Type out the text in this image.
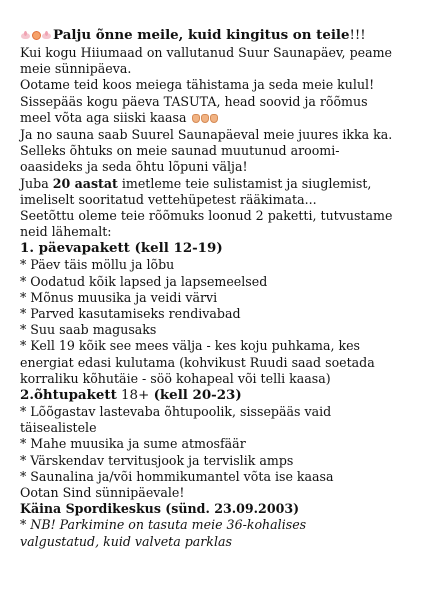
Palju õnne meile, kuid kingitus on teile!!!
Kui kogu Hiiumaad on vallutanud Suur Saunapäev, peame
meie sünnipäeva.
Ootame teid koos meiega tähistama ja seda meie kulul!
Sissepääs kogu päeva TASUTA, head soovid ja rõõmus
meel võta aga siiski kaasa
Ja no sauna saab Suurel Saunapäeval meie juures ikka ka.
Selleks õhtuks on meie saunad muutunud aroomi-
oaasideks ja seda õhtu lõpuni välja!
Juba 20 aastat imetleme teie sulistamist ja siuglemist,
imeliselt sooritatud vettehüpetest rääkimata...
Seetõttu oleme teie rõõmuks loonud 2 paketti, tutvustame
neid lähemalt:
1. päevapakett (kell 12-19)
* Päev täis möllu ja lõbu
* Oodatud kõik lapsed ja lapsemeelsed
* Mõnus muusika ja veidi värvi
* Parved kasutamiseks rendivabad
* Suu saab magusaks
* Kell 19 kõik see mees välja - kes koju puhkama, kes
energiat edasi kulutama (kohvikust Ruudi saad soetada
korraliku kõhutäie - söö kohapeal või telli kaasa)
2.õhtupakett 18+ (kell 20-23)
* Lõõgastav lastevaba õhtupoolik, sissepääs vaid
täisealistele
* Mahe muusika ja sume atmosfäär
* Värskendav tervitusjook ja tervislik amps
* Saunalina ja/või hommikumantel võta ise kaasa
Ootan Sind sünnipäevale!
Käina Spordikeskus (sünd. 23.09.2003)
* NB! Parkimine on tasuta meie 36-kohalises
valgustatud, kuid valveta parklas
